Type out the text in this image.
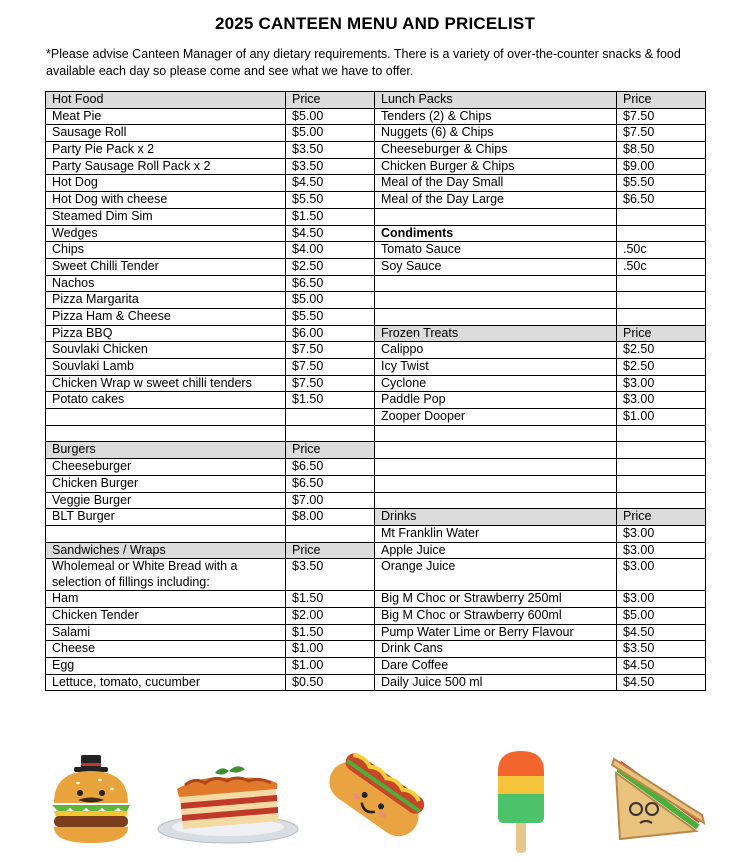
2025 CANTEEN MENU AND PRICELIST
*Please advise Canteen Manager of any dietary requirements. There is a variety of over-the-counter snacks & food available each day so please come and see what we have to offer.
Hot Food	Price	Lunch Packs	Price
Meat Pie	$5.00	Tenders (2) & Chips	$7.50
Sausage Roll	$5.00	Nuggets (6) & Chips	$7.50
Party Pie Pack x 2	$3.50	Cheeseburger & Chips	$8.50
Party Sausage Roll Pack x 2	$3.50	Chicken Burger & Chips	$9.00
Hot Dog	$4.50	Meal of the Day Small	$5.50
Hot Dog with cheese	$5.50	Meal of the Day Large	$6.50
Steamed Dim Sim	$1.50		
Wedges	$4.50	Condiments	
Chips	$4.00	Tomato Sauce	.50c
Sweet Chilli Tender	$2.50	Soy Sauce	.50c
Nachos	$6.50		
Pizza Margarita	$5.00		
Pizza Ham & Cheese	$5.50		
Pizza BBQ	$6.00	Frozen Treats	Price
Souvlaki Chicken	$7.50	Calippo	$2.50
Souvlaki Lamb	$7.50	Icy Twist	$2.50
Chicken Wrap w sweet chilli tenders	$7.50	Cyclone	$3.00
Potato cakes	$1.50	Paddle Pop	$3.00
		Zooper Dooper	$1.00

Burgers	Price		
Cheeseburger	$6.50		
Chicken Burger	$6.50		
Veggie Burger	$7.00		
BLT Burger	$8.00	Drinks	Price
		Mt Franklin Water	$3.00
Sandwiches / Wraps	Price	Apple Juice	$3.00
Wholemeal or White Bread with a selection of fillings including:	$3.50	Orange Juice	$3.00
Ham	$1.50	Big M Choc or Strawberry 250ml	$3.00
Chicken Tender	$2.00	Big M Choc or Strawberry 600ml	$5.00
Salami	$1.50	Pump Water Lime or Berry Flavour	$4.50
Cheese	$1.00	Drink Cans	$3.50
Egg	$1.00	Dare Coffee	$4.50
Lettuce, tomato, cucumber	$0.50	Daily Juice 500 ml	$4.50
